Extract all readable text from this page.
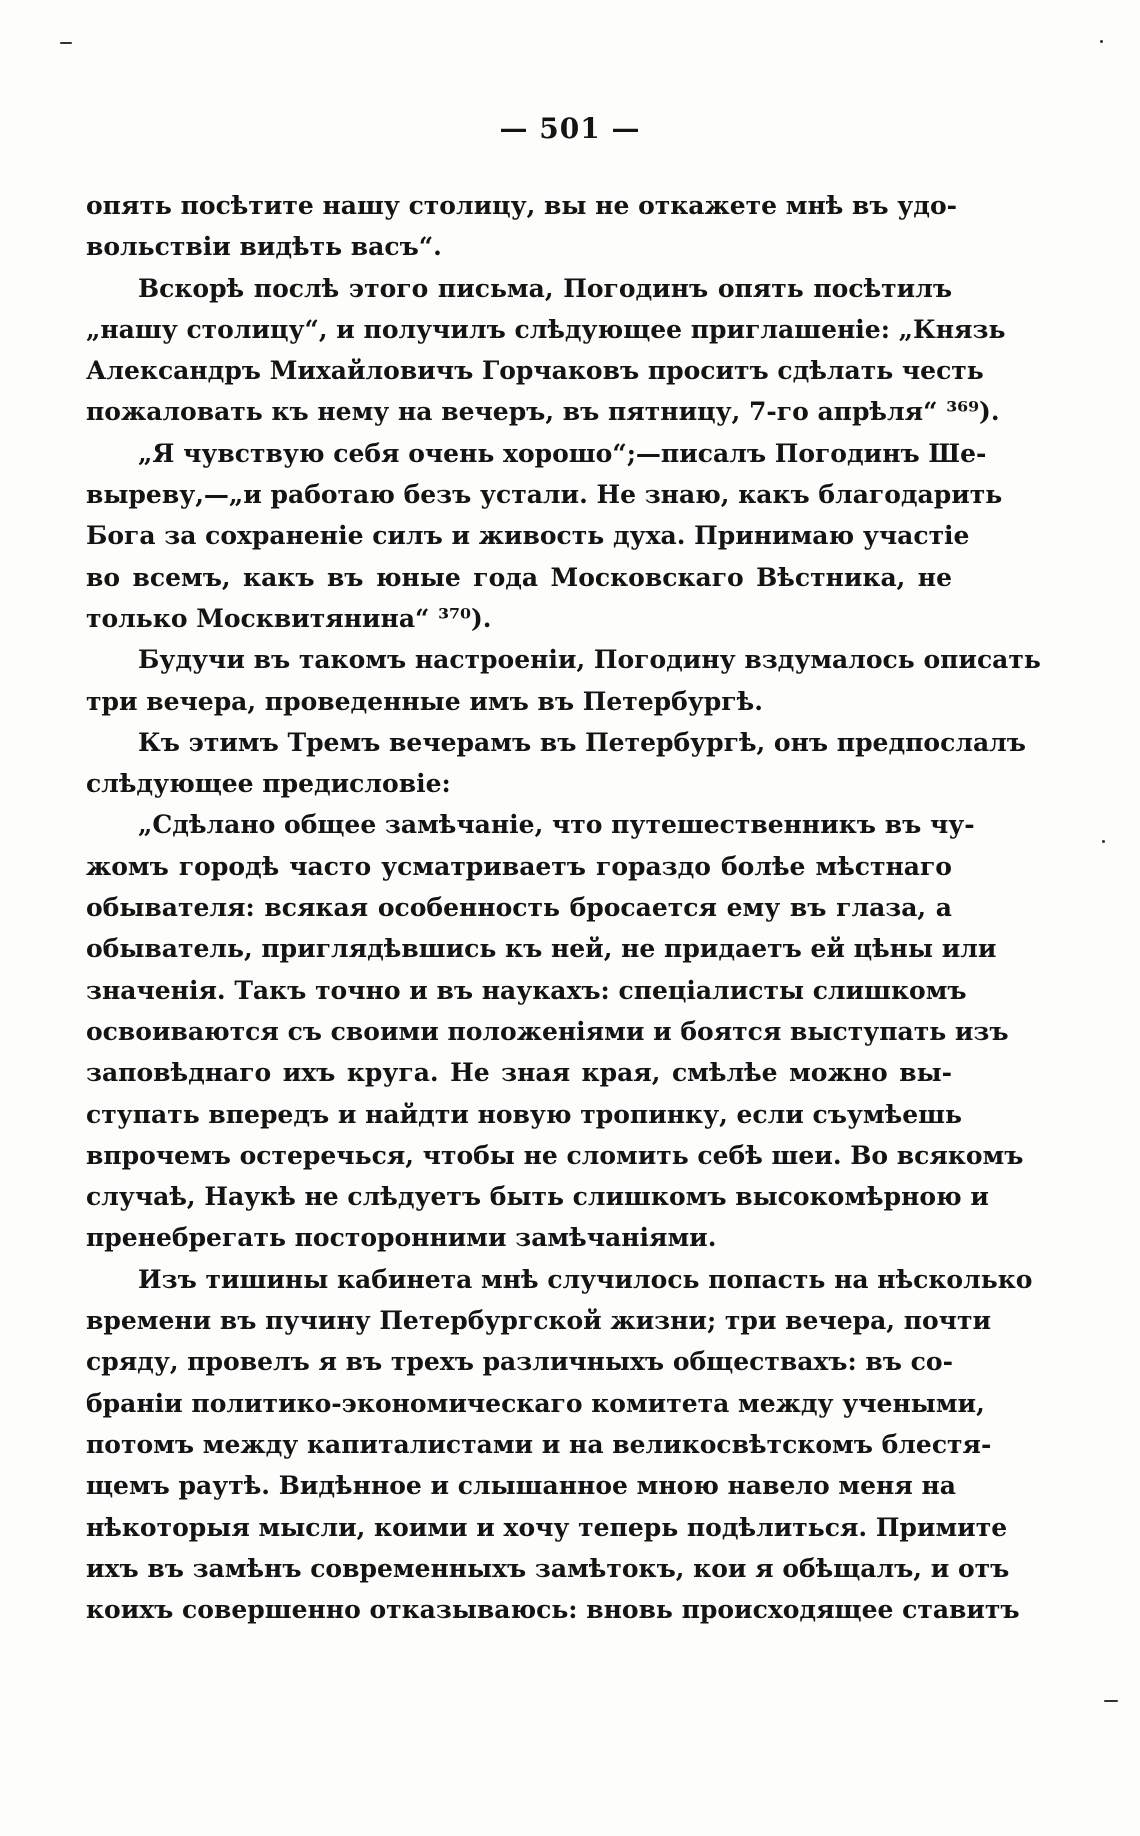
— 501 —
опять посѣтите нашу столицу, вы не откажете мнѣ въ удо-
вольствіи видѣть васъ“.
Вскорѣ послѣ этого письма, Погодинъ опять посѣтилъ
„нашу столицу“, и получилъ слѣдующее приглашеніе: „Князь
Александръ Михайловичъ Горчаковъ проситъ сдѣлать честь
пожаловать къ нему на вечеръ, въ пятницу, 7-го апрѣля“ ³⁶⁹).
„Я чувствую себя очень хорошо“;—писалъ Погодинъ Ше-
выреву,—„и работаю безъ устали. Не знаю, какъ благодарить
Бога за сохраненіе силъ и живость духа. Принимаю участіе
во всемъ, какъ въ юные года Московскаго Вѣстника, не
только Москвитянина“ ³⁷⁰).
Будучи въ такомъ настроеніи, Погодину вздумалось описать
три вечера, проведенные имъ въ Петербургѣ.
Къ этимъ Тремъ вечерамъ въ Петербургѣ, онъ предпослалъ
слѣдующее предисловіе:
„Сдѣлано общее замѣчаніе, что путешественникъ въ чу-
жомъ городѣ часто усматриваетъ гораздо болѣе мѣстнаго
обывателя: всякая особенность бросается ему въ глаза, а
обыватель, приглядѣвшись къ ней, не придаетъ ей цѣны или
значенія. Такъ точно и въ наукахъ: спеціалисты слишкомъ
освоиваются съ своими положеніями и боятся выступать изъ
заповѣднаго ихъ круга. Не зная края, смѣлѣе можно вы-
ступать впередъ и найдти новую тропинку, если съумѣешь
впрочемъ остеречься, чтобы не сломить себѣ шеи. Во всякомъ
случаѣ, Наукѣ не слѣдуетъ быть слишкомъ высокомѣрною и
пренебрегать посторонними замѣчаніями.
Изъ тишины кабинета мнѣ случилось попасть на нѣсколько
времени въ пучину Петербургской жизни; три вечера, почти
сряду, провелъ я въ трехъ различныхъ обществахъ: въ со-
браніи политико-экономическаго комитета между учеными,
потомъ между капиталистами и на великосвѣтскомъ блестя-
щемъ раутѣ. Видѣнное и слышанное мною навело меня на
нѣкоторыя мысли, коими и хочу теперь подѣлиться. Примите
ихъ въ замѣнъ современныхъ замѣтокъ, кои я обѣщалъ, и отъ
коихъ совершенно отказываюсь: вновь происходящее ставитъ
